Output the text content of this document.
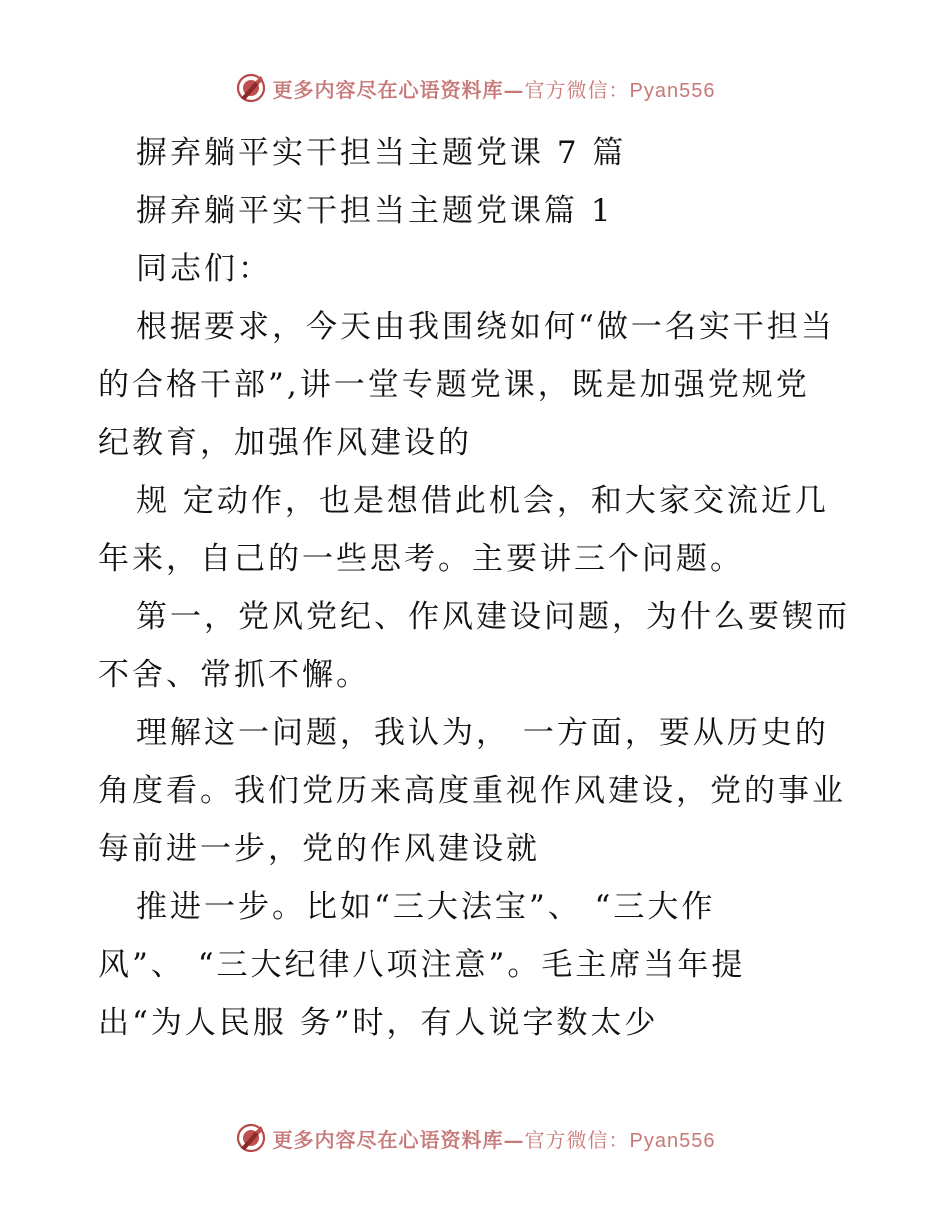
更多内容尽在心语资料库—官方微信：Pyan556
摒弃躺平实干担当主题党课 7 篇
摒弃躺平实干担当主题党课篇 1
同志们：
根据要求，今天由我围绕如何“做一名实干担当
的合格干部”,讲一堂专题党课，既是加强党规党
纪教育，加强作风建设的
规 定动作，也是想借此机会，和大家交流近几
年来，自己的一些思考。主要讲三个问题。
第一，党风党纪、作风建设问题，为什么要锲而
不舍、常抓不懈。
理解这一问题，我认为， 一方面，要从历史的
角度看。我们党历来高度重视作风建设，党的事业
每前进一步，党的作风建设就
推进一步。比如“三大法宝”、 “三大作
风”、 “三大纪律八项注意”。毛主席当年提
出“为人民服 务”时，有人说字数太少
更多内容尽在心语资料库—官方微信：Pyan556
